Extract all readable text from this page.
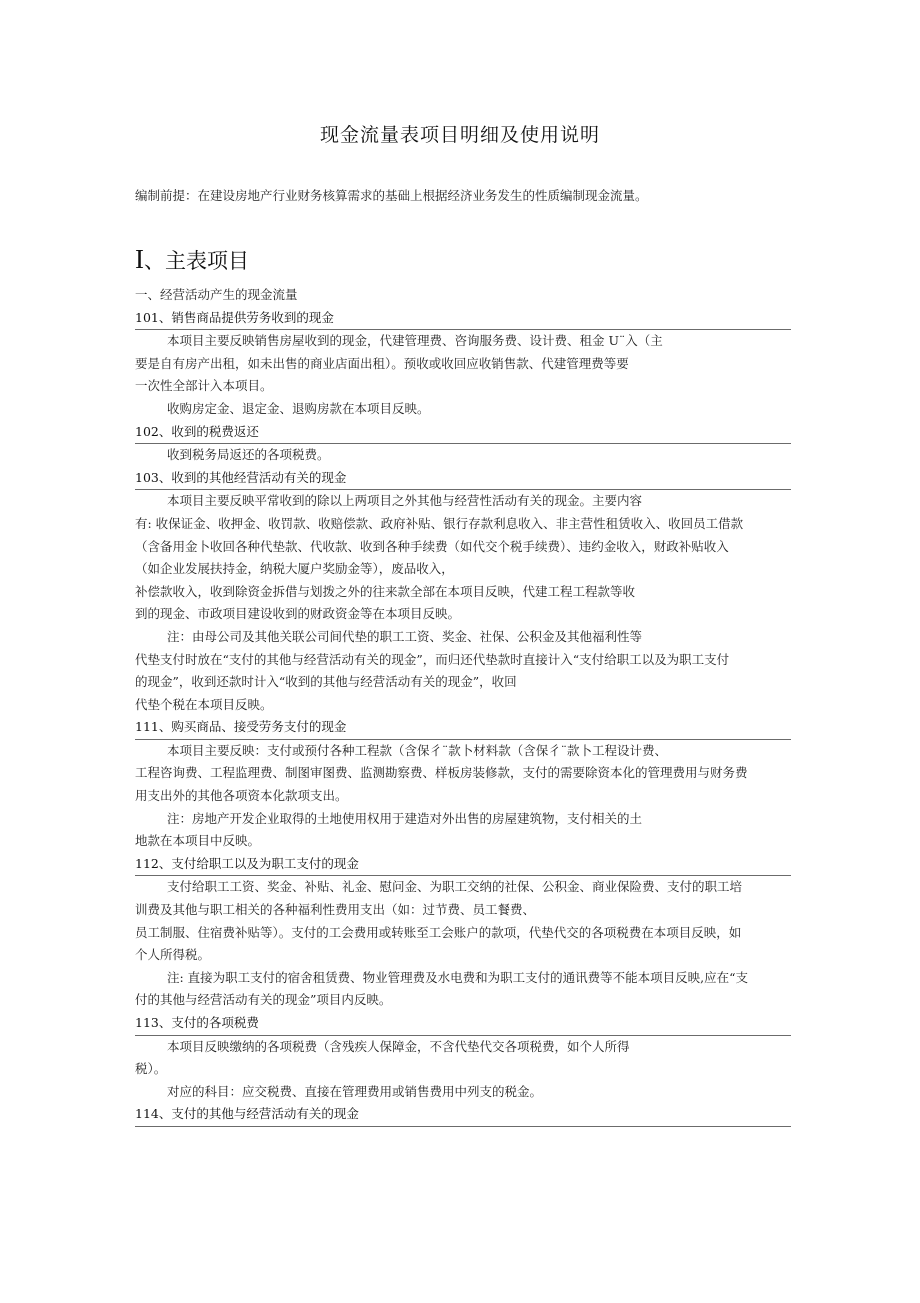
现金流量表项目明细及使用说明
编制前提：在建设房地产行业财务核算需求的基础上根据经济业务发生的性质编制现金流量。
I、主表项目
一、经营活动产生的现金流量
101、销售商品提供劳务收到的现金
本项目主要反映销售房屋收到的现金，代建管理费、咨询服务费、设计费、租金 U¨入（主
要是自有房产出租，如未出售的商业店面出租）。预收或收回应收销售款、代建管理费等要
一次性全部计入本项目。
收购房定金、退定金、退购房款在本项目反映。
102、收到的税费返还
收到税务局返还的各项税费。
103、收到的其他经营活动有关的现金
本项目主要反映平常收到的除以上两项目之外其他与经营性活动有关的现金。主要内容
有: 收保证金、收押金、收罚款、收赔偿款、政府补贴、银行存款利息收入、非主营性租赁收入、收回员工借款
（含备用金卜收回各种代垫款、代收款、收到各种手续费（如代交个税手续费）、违约金收入，财政补贴收入
（如企业发展扶持金，纳税大厦户奖励金等），废品收入，
补偿款收入，收到除资金拆借与划拨之外的往来款全部在本项目反映，代建工程工程款等收
到的现金、市政项目建设收到的财政资金等在本项目反映。
注：由母公司及其他关联公司间代垫的职工工资、奖金、社保、公积金及其他福利性等
代垫支付时放在“支付的其他与经营活动有关的现金”，而归还代垫款时直接计入“支付给职工以及为职工支付
的现金”，收到还款时计入“收到的其他与经营活动有关的现金”，收回
代垫个税在本项目反映。
111、购买商品、接受劳务支付的现金
本项目主要反映：支付或预付各种工程款（含保彳¨款卜材料款（含保彳¨款卜工程设计费、
工程咨询费、工程监理费、制图审图费、监测勘察费、样板房装修款，支付的需要除资本化的管理费用与财务费
用支出外的其他各项资本化款项支出。
注：房地产开发企业取得的土地使用权用于建造对外出售的房屋建筑物，支付相关的土
地款在本项目中反映。
112、支付给职工以及为职工支付的现金
支付给职工工资、奖金、补贴、礼金、慰问金、为职工交纳的社保、公积金、商业保险费、支付的职工培
训费及其他与职工相关的各种福利性费用支出（如：过节费、员工餐费、
员工制服、住宿费补贴等）。支付的工会费用或转账至工会账户的款项，代垫代交的各项税费在本项目反映，如
个人所得税。
注: 直接为职工支付的宿舍租赁费、物业管理费及水电费和为职工支付的通讯费等不能本项目反映,应在“支
付的其他与经营活动有关的现金”项目内反映。
113、支付的各项税费
本项目反映缴纳的各项税费（含残疾人保障金，不含代垫代交各项税费，如个人所得
税）。
对应的科目：应交税费、直接在管理费用或销售费用中列支的税金。
114、支付的其他与经营活动有关的现金
